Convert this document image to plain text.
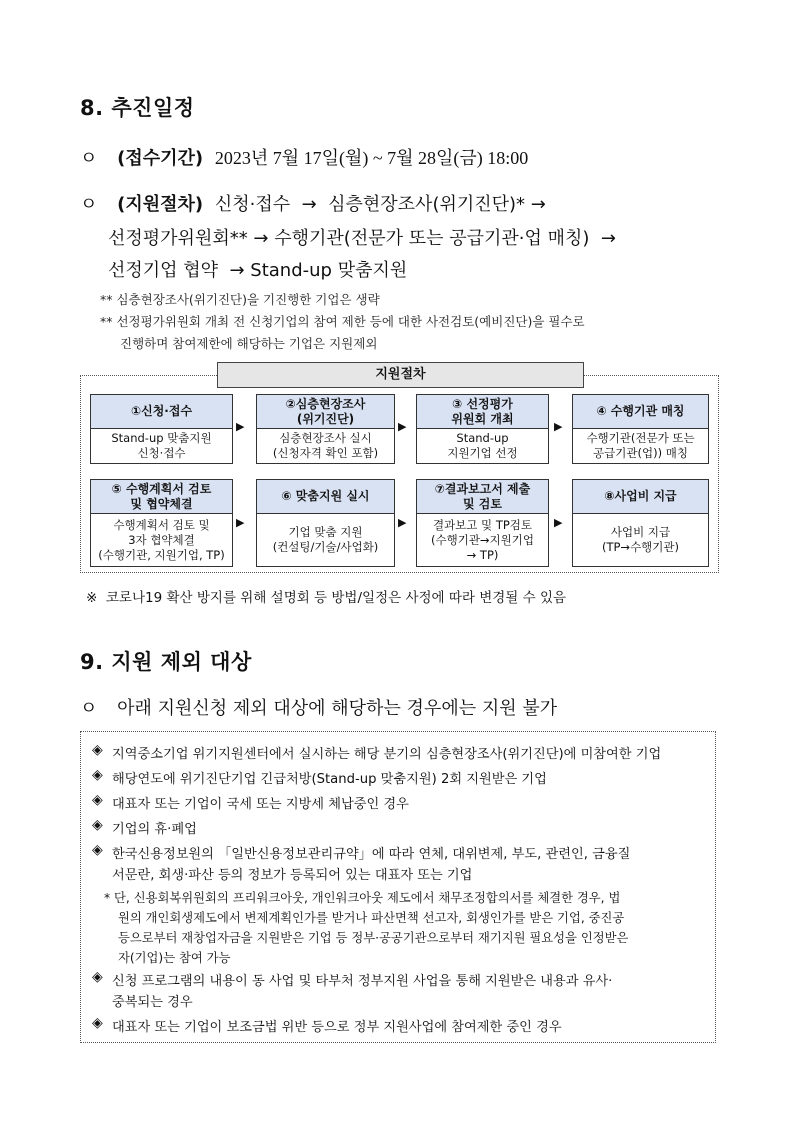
8. 추진일정
ㅇ (접수기간) 2023년 7월 17일(월) ~ 7월 28일(금) 18:00
ㅇ (지원절차) 신청·접수  →  심층현장조사(위기진단)* →
선정평가위원회** → 수행기관(전문가 또는 공급기관·업 매칭)  →
선정기업 협약  → Stand-up 맞춤지원
** 심층현장조사(위기진단)을 기진행한 기업은 생략
** 선정평가위원회 개최 전 신청기업의 참여 제한 등에 대한 사전검토(예비진단)을 필수로
진행하며 참여제한에 해당하는 기업은 지원제외
지원절차
①신청·접수
Stand-up 맞춤지원
신청·접수
▶
②심층현장조사
(위기진단)
심층현장조사 실시
(신청자격 확인 포함)
▶
③ 선정평가
위원회 개최
Stand-up
지원기업 선정
▶
④ 수행기관 매칭
수행기관(전문가 또는
공급기관(업)) 매칭
⑤ 수행계획서 검토
및 협약체결
수행계획서 검토 및
3자 협약체결
(수행기관, 지원기업, TP)
▶
⑥ 맞춤지원 실시
기업 맞춤 지원
(컨설팅/기술/사업화)
▶
⑦결과보고서 제출
및 검토
결과보고 및 TP검토
(수행기관→지원기업
→ TP)
▶
⑧사업비 지급
사업비 지급
(TP→수행기관)
※  코로나19 확산 방지를 위해 설명회 등 방법/일정은 사정에 따라 변경될 수 있음
9. 지원 제외 대상
ㅇ 아래 지원신청 제외 대상에 해당하는 경우에는 지원 불가
◈ 지역중소기업 위기지원센터에서 실시하는 해당 분기의 심층현장조사(위기진단)에 미참여한 기업
◈ 해당연도에 위기진단기업 긴급처방(Stand-up 맞춤지원) 2회 지원받은 기업
◈ 대표자 또는 기업이 국세 또는 지방세 체납중인 경우
◈ 기업의 휴·폐업
◈ 한국신용정보원의 「일반신용정보관리규약」에 따라 연체, 대위변제, 부도, 관련인, 금융질
서문란, 회생·파산 등의 정보가 등록되어 있는 대표자 또는 기업
* 단, 신용회복위원회의 프리워크아웃, 개인워크아웃 제도에서 채무조정합의서를 체결한 경우, 법
원의 개인회생제도에서 변제계획인가를 받거나 파산면책 선고자, 회생인가를 받은 기업, 중진공
등으로부터 재창업자금을 지원받은 기업 등 정부·공공기관으로부터 재기지원 필요성을 인정받은
자(기업)는 참여 가능
◈ 신청 프로그램의 내용이 동 사업 및 타부처 정부지원 사업을 통해 지원받은 내용과 유사·
중복되는 경우
◈ 대표자 또는 기업이 보조금법 위반 등으로 정부 지원사업에 참여제한 중인 경우
